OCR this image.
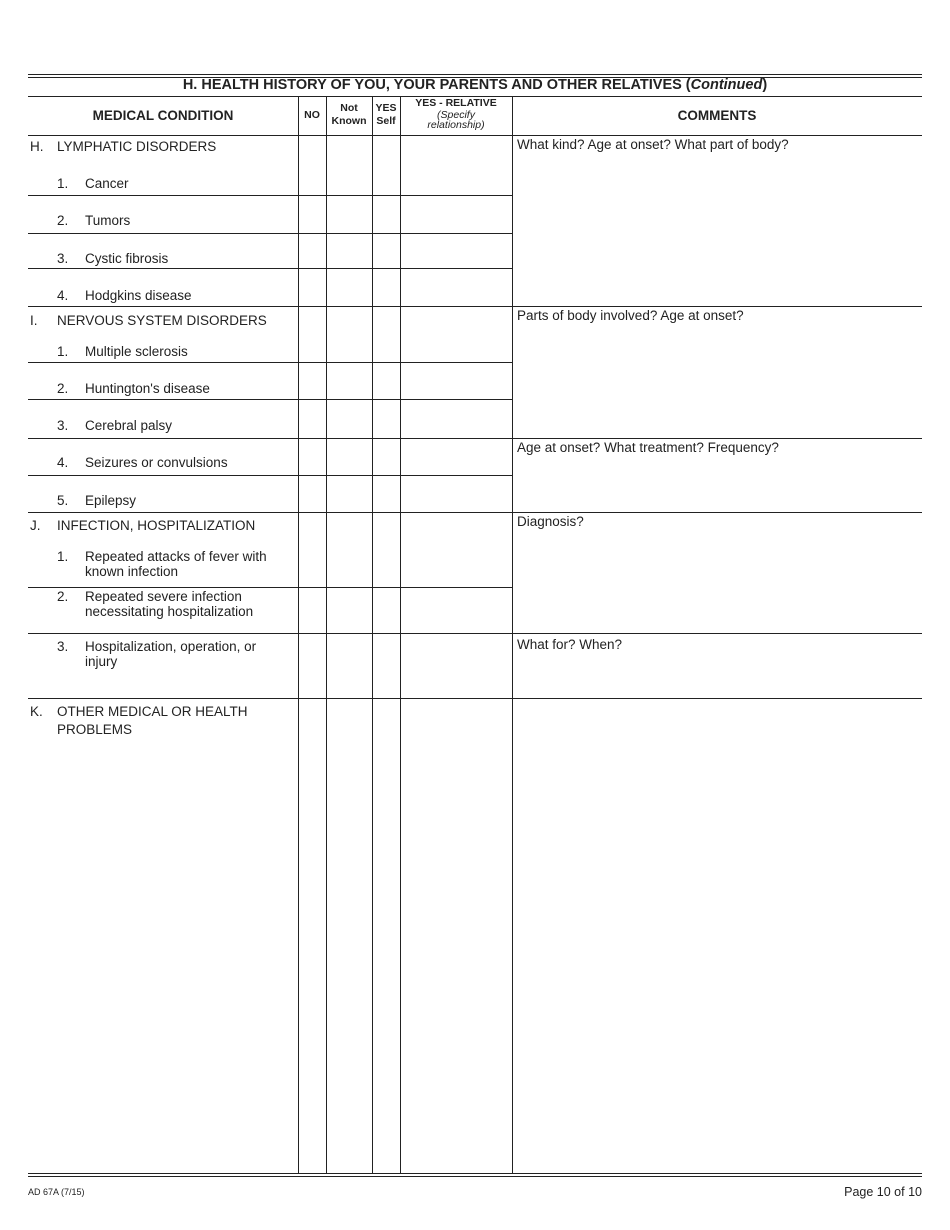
H. HEALTH HISTORY OF YOU, YOUR PARENTS AND OTHER RELATIVES (Continued)
MEDICAL CONDITION	NO
Not
Known
YES
Self
YES - RELATIVE
(Specify
relationship)
COMMENTS
H. LYMPHATIC DISORDERS
1. Cancer
2. Tumors
3. Cystic fibrosis
4. Hodgkins disease
What kind? Age at onset? What part of body?
I. NERVOUS SYSTEM DISORDERS
1. Multiple sclerosis
2. Huntington's disease
3. Cerebral palsy
4. Seizures or convulsions
5. Epilepsy
Parts of body involved? Age at onset?
Age at onset? What treatment? Frequency?
J. INFECTION, HOSPITALIZATION
1. Repeated attacks of fever with
known infection
2. Repeated severe infection
necessitating hospitalization
3. Hospitalization, operation, or
injury
Diagnosis?
What for? When?
K. OTHER MEDICAL OR HEALTH
PROBLEMS
AD 67A (7/15)	Page 10 of 10
